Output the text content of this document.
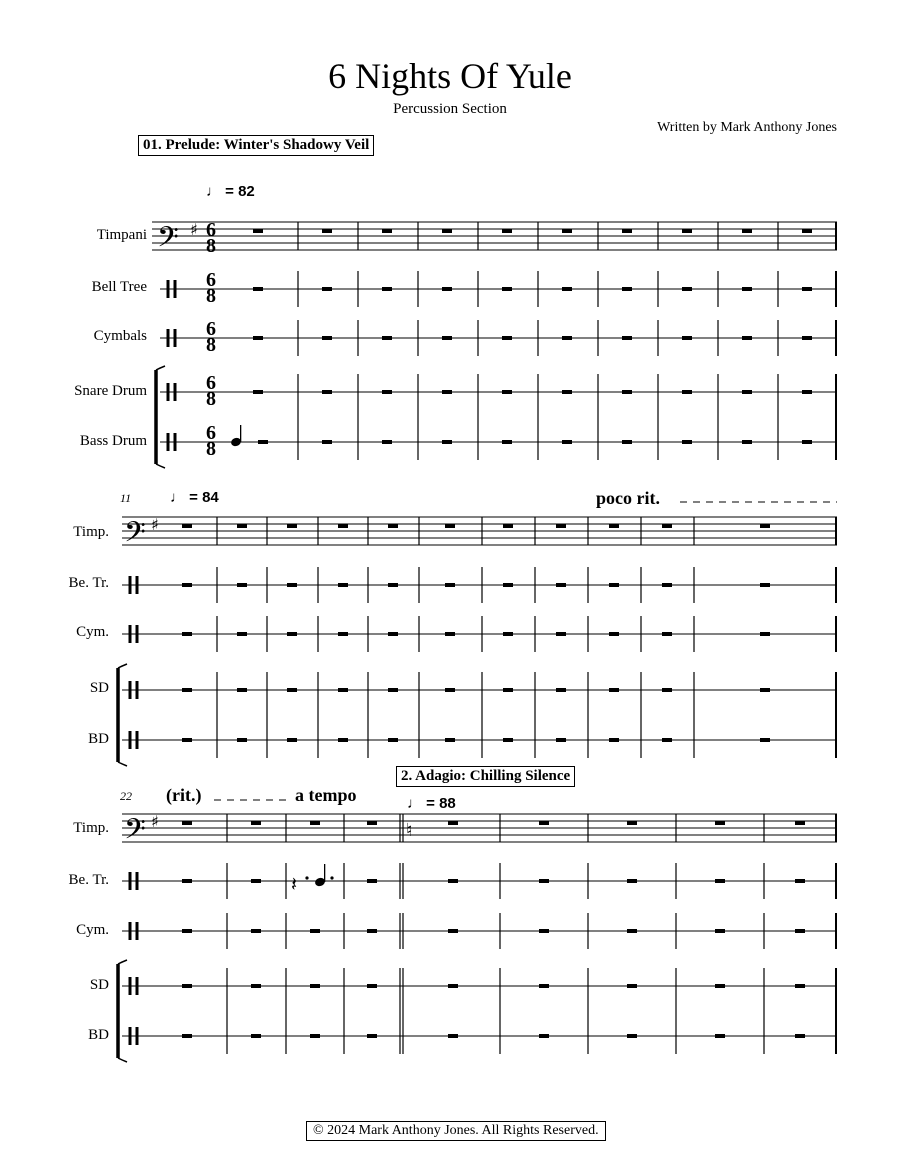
6 Nights Of Yule
Percussion Section
Written by Mark Anthony Jones
01. Prelude: Winter's Shadowy Veil
♩ = 82
Timpani
Bell Tree
Cymbals
Snare Drum
Bass Drum
11	♩ = 84	poco rit.
Timp.
Be. Tr.
Cym.
SD
BD
2. Adagio: Chilling Silence
22 (rit.)	a tempo	♩ = 88
Timp.
Be. Tr.
Cym.
SD
BD
© 2024 Mark Anthony Jones. All Rights Reserved.
𝄢 ♯ 6
8
6
8
6
8
6
8
6
8
𝄢 ♯
𝄢 ♯	♮
𝄽
